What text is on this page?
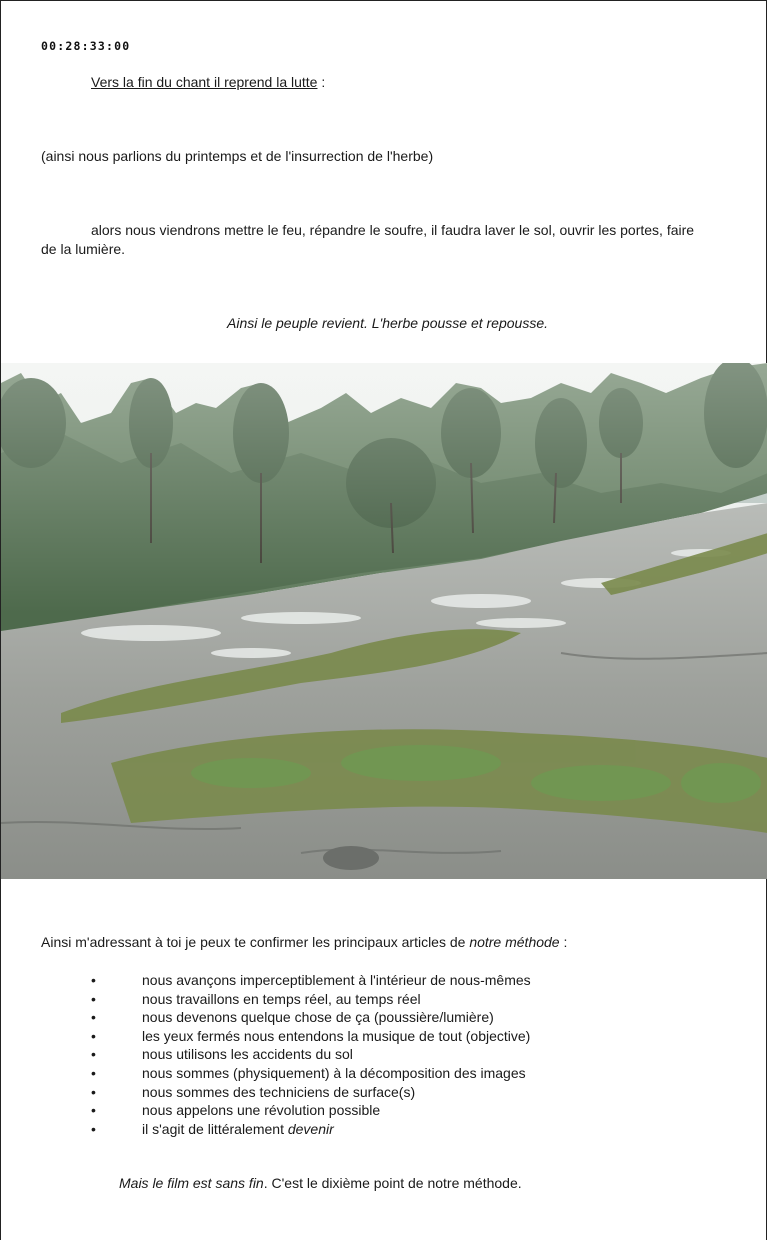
00:28:33:00
Vers la fin du chant il reprend la lutte :
(ainsi nous parlions du printemps et de l'insurrection de l'herbe)
alors nous viendrons mettre le feu, répandre le soufre, il faudra laver le sol, ouvrir les portes, faire
de la lumière.
Ainsi le peuple revient. L'herbe pousse et repousse.
Ainsi m'adressant à toi je peux te confirmer les principaux articles de notre méthode :
•	nous avançons imperceptiblement à l'intérieur de nous-mêmes
•	nous travaillons en temps réel, au temps réel
•	nous devenons quelque chose de ça (poussière/lumière)
•	les yeux fermés nous entendons la musique de tout (objective)
•	nous utilisons les accidents du sol
•	nous sommes (physiquement) à la décomposition des images
•	nous sommes des techniciens de surface(s)
•	nous appelons une révolution possible
•	il s'agit de littéralement devenir
Mais le film est sans fin. C'est le dixième point de notre méthode.
